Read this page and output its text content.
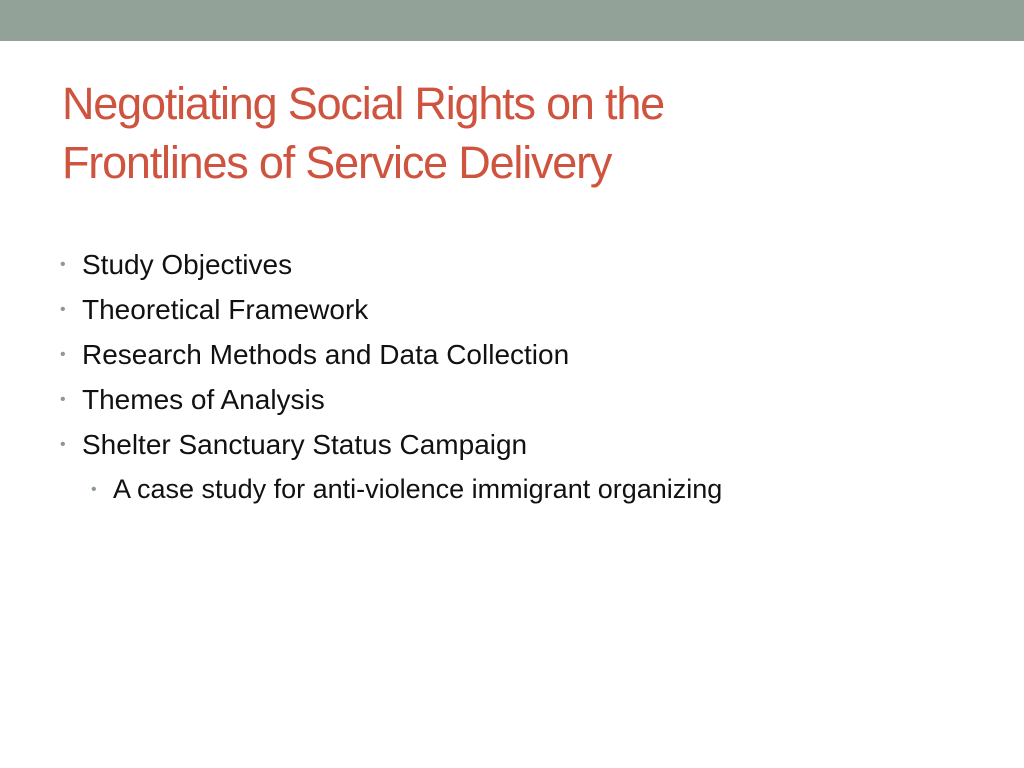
Negotiating Social Rights on the
Frontlines of Service Delivery
• Study Objectives
• Theoretical Framework
• Research Methods and Data Collection
• Themes of Analysis
• Shelter Sanctuary Status Campaign
• A case study for anti-violence immigrant organizing
